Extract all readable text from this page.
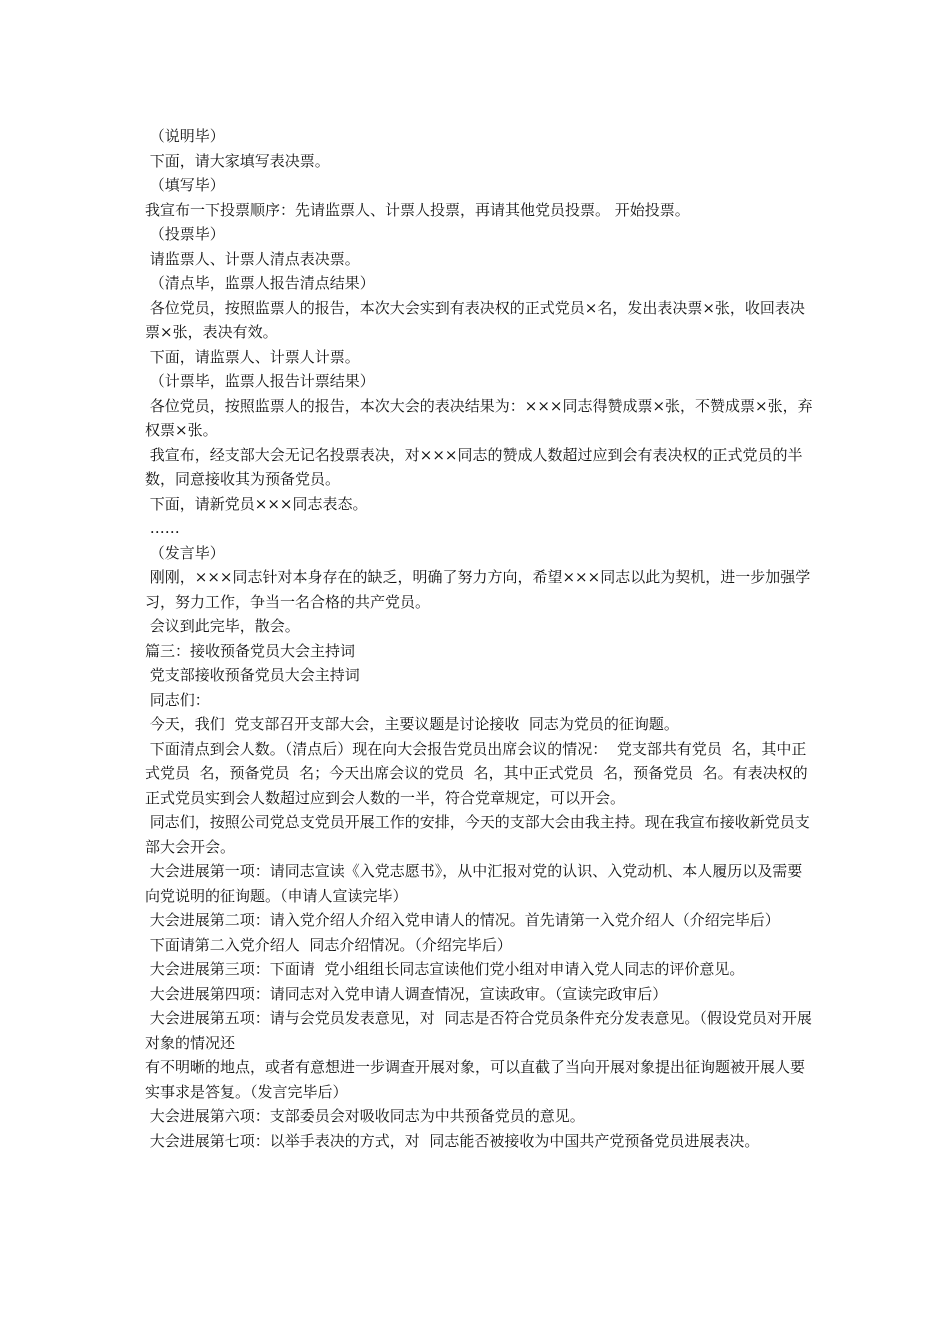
（说明毕）

下面，请大家填写表决票。

（填写毕）

我宣布一下投票顺序：先请监票人、计票人投票，再请其他党员投票。 开始投票。

（投票毕）

请监票人、计票人清点表决票。

（清点毕，监票人报告清点结果）

各位党员，按照监票人的报告，本次大会实到有表决权的正式党员×名，发出表决票×张，收回表决票×张，表决有效。

下面，请监票人、计票人计票。

（计票毕，监票人报告计票结果）

各位党员，按照监票人的报告，本次大会的表决结果为：×××同志得赞成票×张，不赞成票×张，弃权票×张。

我宣布，经支部大会无记名投票表决，对×××同志的赞成人数超过应到会有表决权的正式党员的半数，同意接收其为预备党员。

下面，请新党员×××同志表态。

……

（发言毕）

刚刚，×××同志针对本身存在的缺乏，明确了努力方向，希望×××同志以此为契机，进一步加强学习，努力工作，争当一名合格的共产党员。

会议到此完毕，散会。

篇三：接收预备党员大会主持词

党支部接收预备党员大会主持词

同志们：

今天，我们  党支部召开支部大会，主要议题是讨论接收  同志为党员的征询题。

下面清点到会人数。（清点后）现在向大会报告党员出席会议的情况：  党支部共有党员  名，其中正式党员  名，预备党员  名；今天出席会议的党员  名，其中正式党员  名，预备党员  名。有表决权的正式党员实到会人数超过应到会人数的一半，符合党章规定，可以开会。

同志们，按照公司党总支党员开展工作的安排，今天的支部大会由我主持。现在我宣布接收新党员支部大会开会。

大会进展第一项：请同志宣读《入党志愿书》，从中汇报对党的认识、入党动机、本人履历以及需要向党说明的征询题。（申请人宣读完毕）

大会进展第二项：请入党介绍人介绍入党申请人的情况。首先请第一入党介绍人（介绍完毕后）

下面请第二入党介绍人  同志介绍情况。（介绍完毕后）

大会进展第三项：下面请  党小组组长同志宣读他们党小组对申请入党人同志的评价意见。

大会进展第四项：请同志对入党申请人调查情况，宣读政审。（宣读完政审后）

大会进展第五项：请与会党员发表意见，对  同志是否符合党员条件充分发表意见。（假设党员对开展对象的情况还

有不明晰的地点，或者有意想进一步调查开展对象，可以直截了当向开展对象提出征询题被开展人要实事求是答复。（发言完毕后）

大会进展第六项：支部委员会对吸收同志为中共预备党员的意见。

大会进展第七项：以举手表决的方式，对  同志能否被接收为中国共产党预备党员进展表决。
